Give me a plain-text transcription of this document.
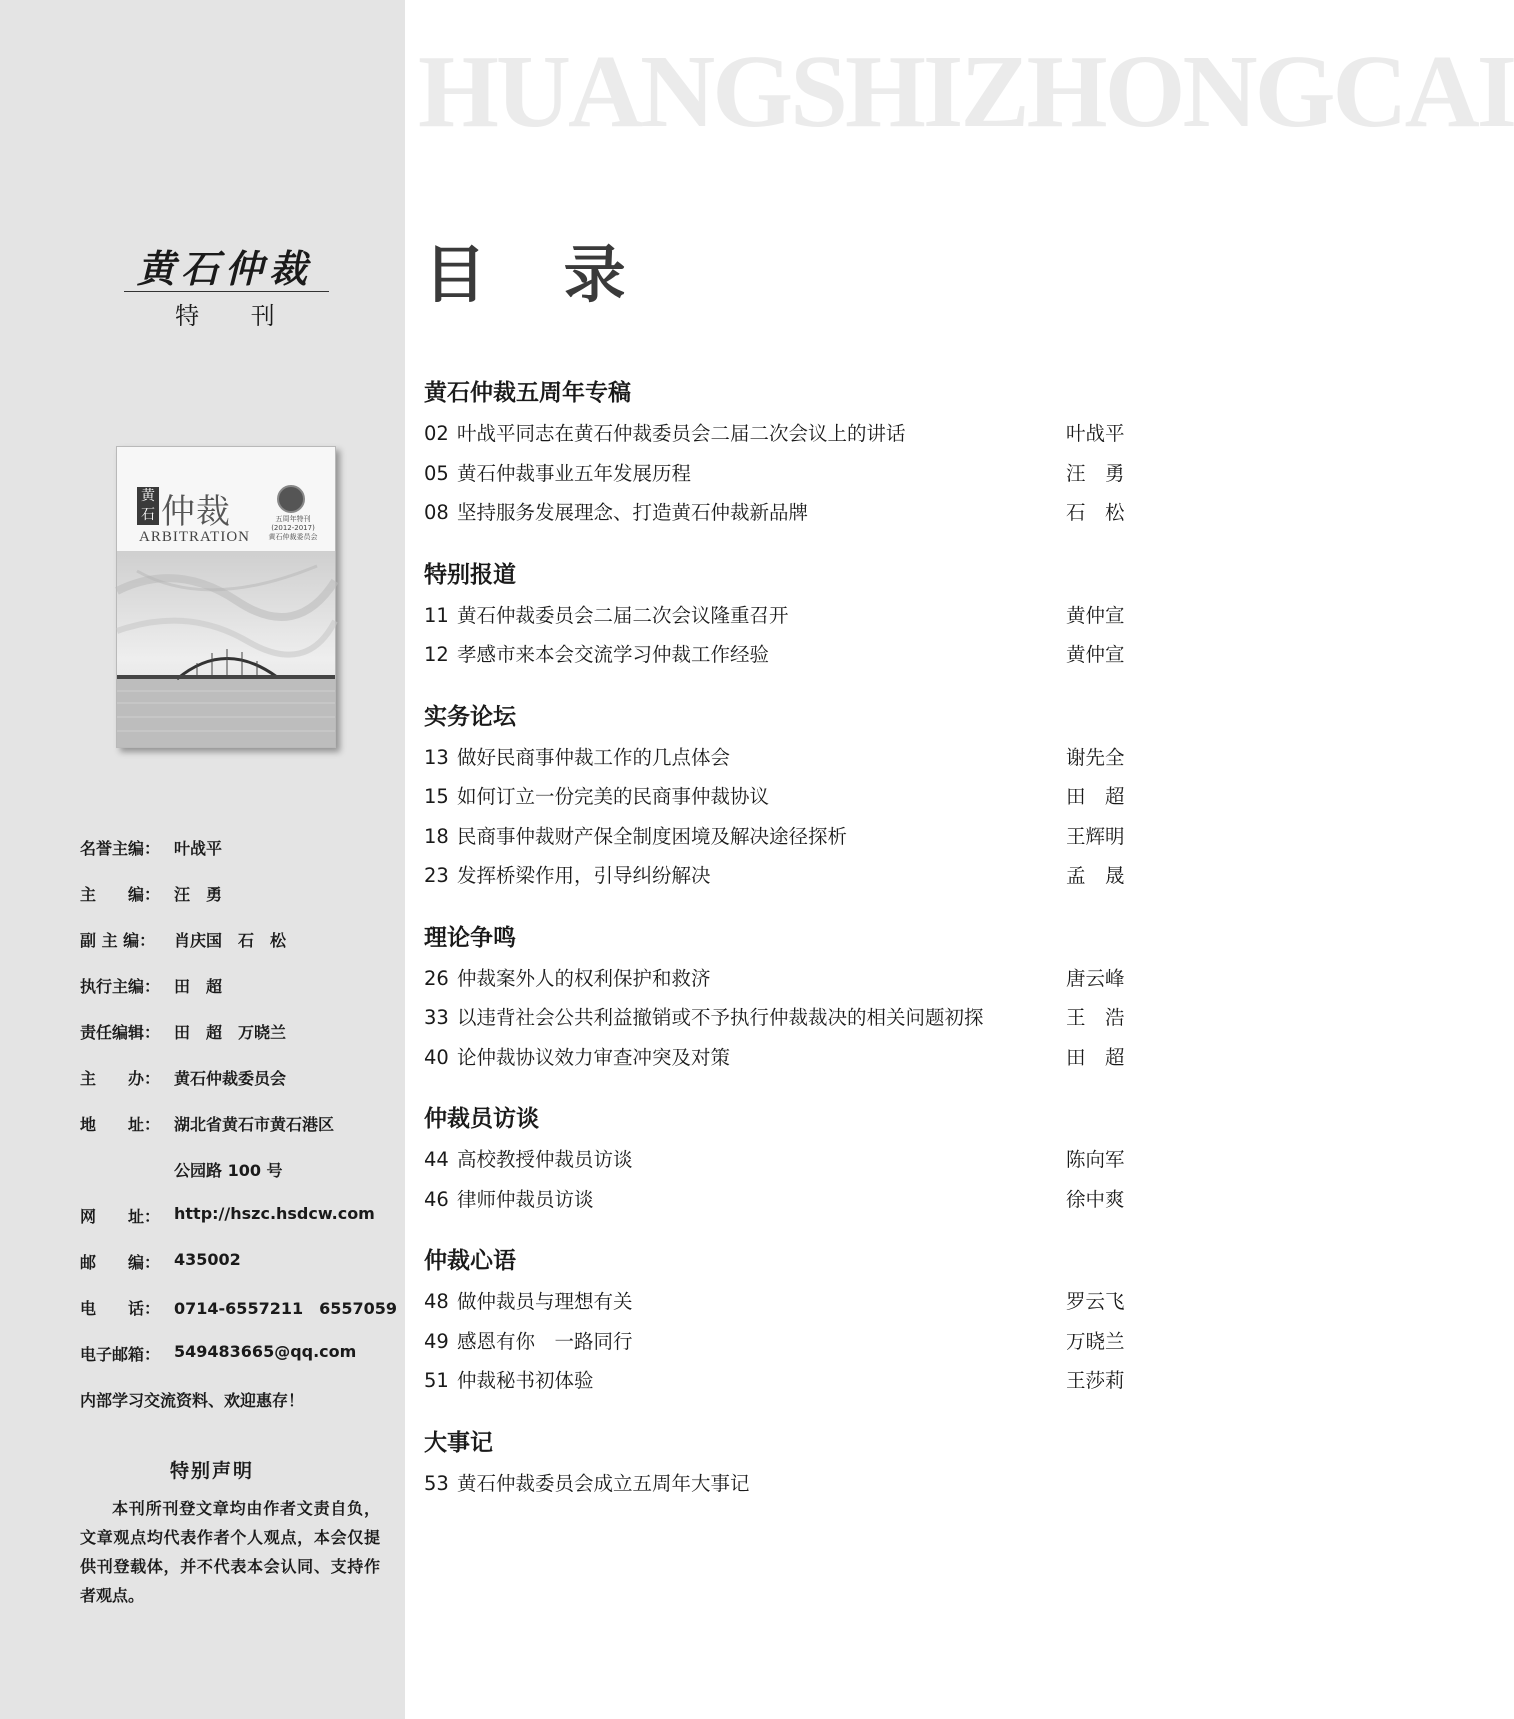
HUANGSHIZHONGCAI
黄石仲裁
特 刊
黄石 仲裁
ARBITRATION
五周年特刊 (2012-2017) 黄石仲裁委员会
名誉主编： 叶战平
主　　编： 汪　勇
副 主 编：	肖庆国　石　松
执行主编： 田　超
责任编辑： 田　超　万晓兰
主　　办： 黄石仲裁委员会
地　　址： 湖北省黄石市黄石港区
公园路 100 号
网　　址： http://hszc.hsdcw.com
邮　　编： 435002
电　　话： 0714-6557211　6557059
电子邮箱： 549483665@qq.com
内部学习交流资料、欢迎惠存！
特别声明
本刊所刊登文章均由作者文责自负，文章观点均代表作者个人观点，本会仅提供刊登载体，并不代表本会认同、支持作者观点。
目 录
黄石仲裁五周年专稿
02 叶战平同志在黄石仲裁委员会二届二次会议上的讲话	叶战平
05 黄石仲裁事业五年发展历程	汪　勇
08 坚持服务发展理念、打造黄石仲裁新品牌	石　松
特别报道
11 黄石仲裁委员会二届二次会议隆重召开	黄仲宣
12 孝感市来本会交流学习仲裁工作经验	黄仲宣
实务论坛
13 做好民商事仲裁工作的几点体会	谢先全
15 如何订立一份完美的民商事仲裁协议	田　超
18 民商事仲裁财产保全制度困境及解决途径探析	王辉明
23 发挥桥梁作用，引导纠纷解决	孟　晟
理论争鸣
26 仲裁案外人的权利保护和救济	唐云峰
33 以违背社会公共利益撤销或不予执行仲裁裁决的相关问题初探	王　浩
40 论仲裁协议效力审查冲突及对策	田　超
仲裁员访谈
44 高校教授仲裁员访谈	陈向军
46 律师仲裁员访谈	徐中爽
仲裁心语
48 做仲裁员与理想有关	罗云飞
49 感恩有你　一路同行	万晓兰
51 仲裁秘书初体验	王莎莉
大事记
53 黄石仲裁委员会成立五周年大事记
